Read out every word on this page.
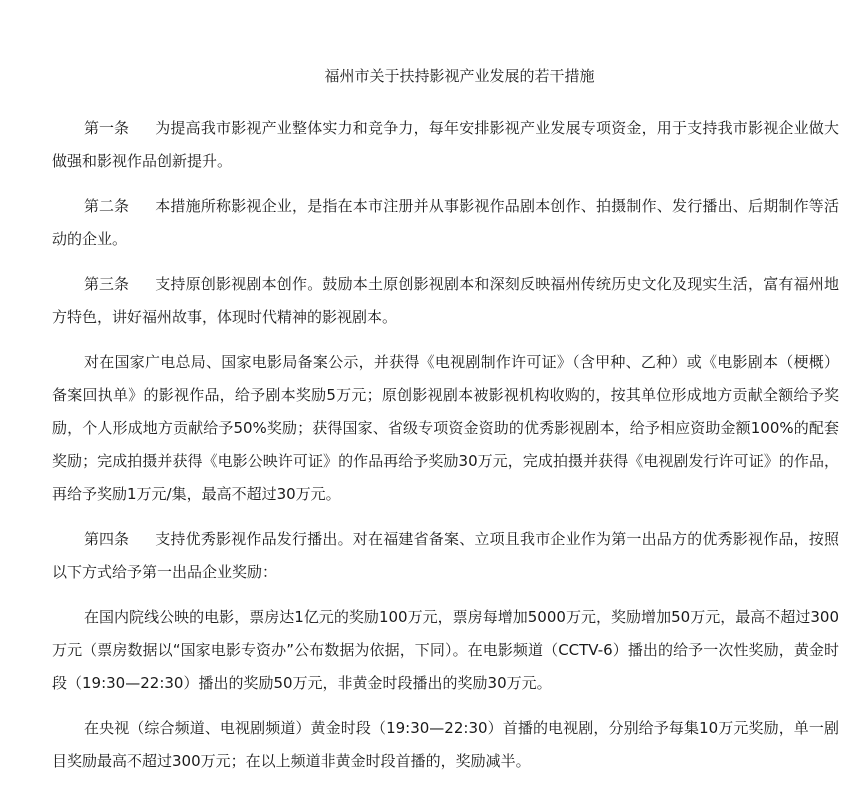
福州市关于扶持影视产业发展的若干措施

第一条 为提高我市影视产业整体实力和竞争力，每年安排影视产业发展专项资金，用于支持我市影视企业做大做强和影视作品创新提升。

第二条 本措施所称影视企业，是指在本市注册并从事影视作品剧本创作、拍摄制作、发行播出、后期制作等活动的企业。

第三条 支持原创影视剧本创作。鼓励本土原创影视剧本和深刻反映福州传统历史文化及现实生活，富有福州地方特色，讲好福州故事，体现时代精神的影视剧本。

对在国家广电总局、国家电影局备案公示，并获得《电视剧制作许可证》（含甲种、乙种）或《电影剧本（梗概）备案回执单》的影视作品，给予剧本奖励5万元；原创影视剧本被影视机构收购的，按其单位形成地方贡献全额给予奖励，个人形成地方贡献给予50%奖励；获得国家、省级专项资金资助的优秀影视剧本，给予相应资助金额100%的配套奖励；完成拍摄并获得《电影公映许可证》的作品再给予奖励30万元，完成拍摄并获得《电视剧发行许可证》的作品，再给予奖励1万元/集，最高不超过30万元。

第四条 支持优秀影视作品发行播出。对在福建省备案、立项且我市企业作为第一出品方的优秀影视作品，按照以下方式给予第一出品企业奖励：

在国内院线公映的电影，票房达1亿元的奖励100万元，票房每增加5000万元，奖励增加50万元，最高不超过300万元（票房数据以“国家电影专资办”公布数据为依据，下同）。在电影频道（CCTV-6）播出的给予一次性奖励，黄金时段（19:30—22:30）播出的奖励50万元，非黄金时段播出的奖励30万元。

在央视（综合频道、电视剧频道）黄金时段（19:30—22:30）首播的电视剧，分别给予每集10万元奖励，单一剧目奖励最高不超过300万元；在以上频道非黄金时段首播的，奖励减半。
